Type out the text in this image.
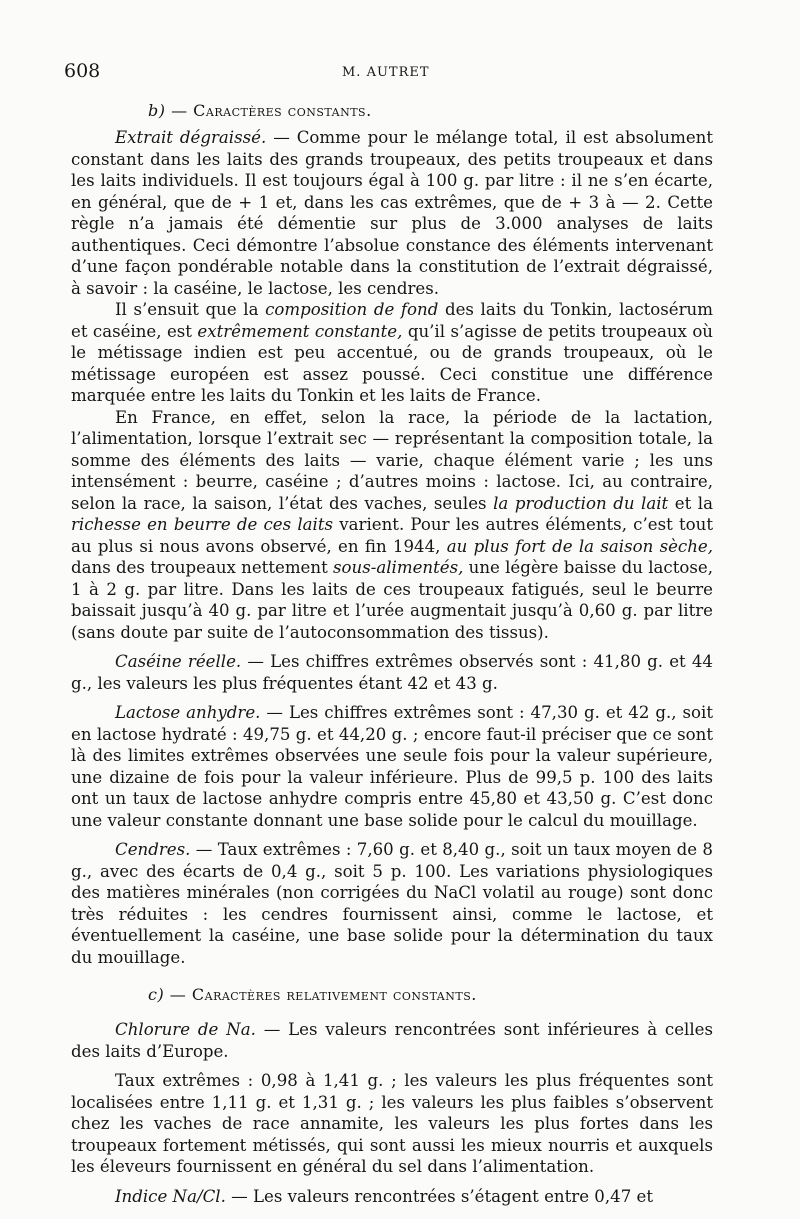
608	M. AUTRET
b) — Caractères constants.

Extrait dégraissé. — Comme pour le mélange total, il est absolument constant dans les laits des grands troupeaux, des petits troupeaux et dans les laits individuels. Il est toujours égal à 100 g. par litre : il ne s’en écarte, en général, que de + 1 et, dans les cas extrêmes, que de + 3 à — 2. Cette règle n’a jamais été démentie sur plus de 3.000 analyses de laits authentiques. Ceci démontre l’absolue constance des éléments intervenant d’une façon pondérable notable dans la constitution de l’extrait dégraissé, à savoir : la caséine, le lactose, les cendres.

Il s’ensuit que la composition de fond des laits du Tonkin, lactosérum et caséine, est extrêmement constante, qu’il s’agisse de petits troupeaux où le métissage indien est peu accentué, ou de grands troupeaux, où le métissage européen est assez poussé. Ceci constitue une différence marquée entre les laits du Tonkin et les laits de France.

En France, en effet, selon la race, la période de la lactation, l’alimentation, lorsque l’extrait sec — représentant la composition totale, la somme des éléments des laits — varie, chaque élément varie ; les uns intensément : beurre, caséine ; d’autres moins : lactose. Ici, au contraire, selon la race, la saison, l’état des vaches, seules la production du lait et la richesse en beurre de ces laits varient. Pour les autres éléments, c’est tout au plus si nous avons observé, en fin 1944, au plus fort de la saison sèche, dans des troupeaux nettement sous-alimentés, une légère baisse du lactose, 1 à 2 g. par litre. Dans les laits de ces troupeaux fatigués, seul le beurre baissait jusqu’à 40 g. par litre et l’urée augmentait jusqu’à 0,60 g. par litre (sans doute par suite de l’autoconsommation des tissus).

Caséine réelle. — Les chiffres extrêmes observés sont : 41,80 g. et 44 g., les valeurs les plus fréquentes étant 42 et 43 g.

Lactose anhydre. — Les chiffres extrêmes sont : 47,30 g. et 42 g., soit en lactose hydraté : 49,75 g. et 44,20 g. ; encore faut-il préciser que ce sont là des limites extrêmes observées une seule fois pour la valeur supérieure, une dizaine de fois pour la valeur inférieure. Plus de 99,5 p. 100 des laits ont un taux de lactose anhydre compris entre 45,80 et 43,50 g. C’est donc une valeur constante donnant une base solide pour le calcul du mouillage.

Cendres. — Taux extrêmes : 7,60 g. et 8,40 g., soit un taux moyen de 8 g., avec des écarts de 0,4 g., soit 5 p. 100. Les variations physiologiques des matières minérales (non corrigées du NaCl volatil au rouge) sont donc très réduites : les cendres fournissent ainsi, comme le lactose, et éventuellement la caséine, une base solide pour la détermination du taux du mouillage.

c) — Caractères relativement constants.

Chlorure de Na. — Les valeurs rencontrées sont inférieures à celles des laits d’Europe.

Taux extrêmes : 0,98 à 1,41 g. ; les valeurs les plus fréquentes sont localisées entre 1,11 g. et 1,31 g. ; les valeurs les plus faibles s’observent chez les vaches de race annamite, les valeurs les plus fortes dans les troupeaux fortement métissés, qui sont aussi les mieux nourris et auxquels les éleveurs fournissent en général du sel dans l’alimentation.

Indice Na/Cl. — Les valeurs rencontrées s’étagent entre 0,47 et
